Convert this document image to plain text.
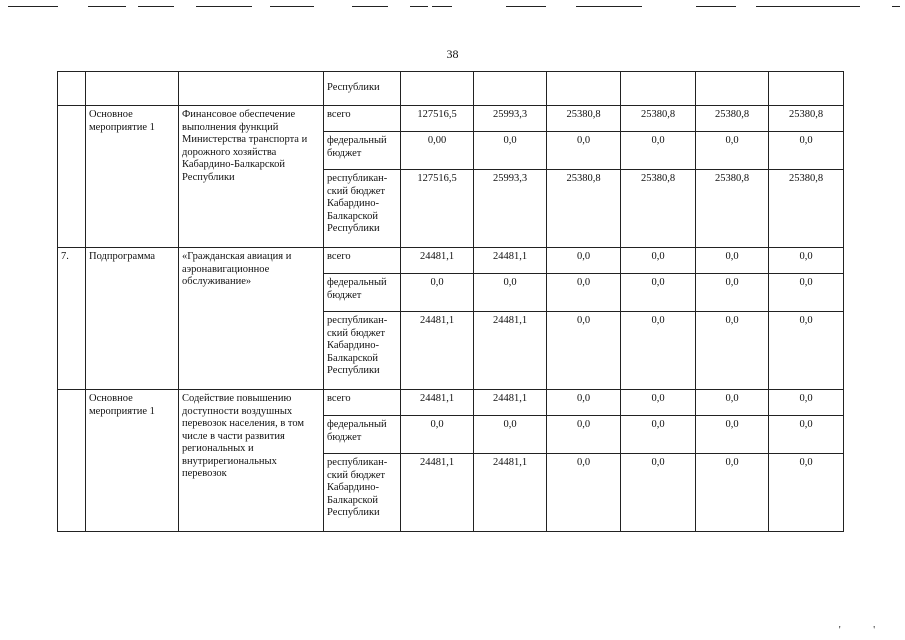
38
			Республики						
	Основное мероприятие 1	Финансовое обеспечение выполнения функций Министерства транспорта и дорожного хозяйства Кабардино-Балкарской Республики	всего	127516,5	25993,3	25380,8	25380,8	25380,8	25380,8
			федеральный бюджет	0,00	0,0	0,0	0,0	0,0	0,0
			республикан-ский бюджет Кабардино-Балкарской Республики	127516,5	25993,3	25380,8	25380,8	25380,8	25380,8
7.	Подпрограмма	«Гражданская авиация и аэронавигационное обслуживание»	всего	24481,1	24481,1	0,0	0,0	0,0	0,0
			федеральный бюджет	0,0	0,0	0,0	0,0	0,0	0,0
			республикан-ский бюджет Кабардино-Балкарской Республики	24481,1	24481,1	0,0	0,0	0,0	0,0
	Основное мероприятие 1	Содействие повышению доступности воздушных перевозок населения, в том числе в части развития региональных и внутрирегиональных перевозок	всего	24481,1	24481,1	0,0	0,0	0,0	0,0
			федеральный бюджет	0,0	0,0	0,0	0,0	0,0	0,0
			республикан-ский бюджет Кабардино-Балкарской Республики	24481,1	24481,1	0,0	0,0	0,0	0,0
'	'
